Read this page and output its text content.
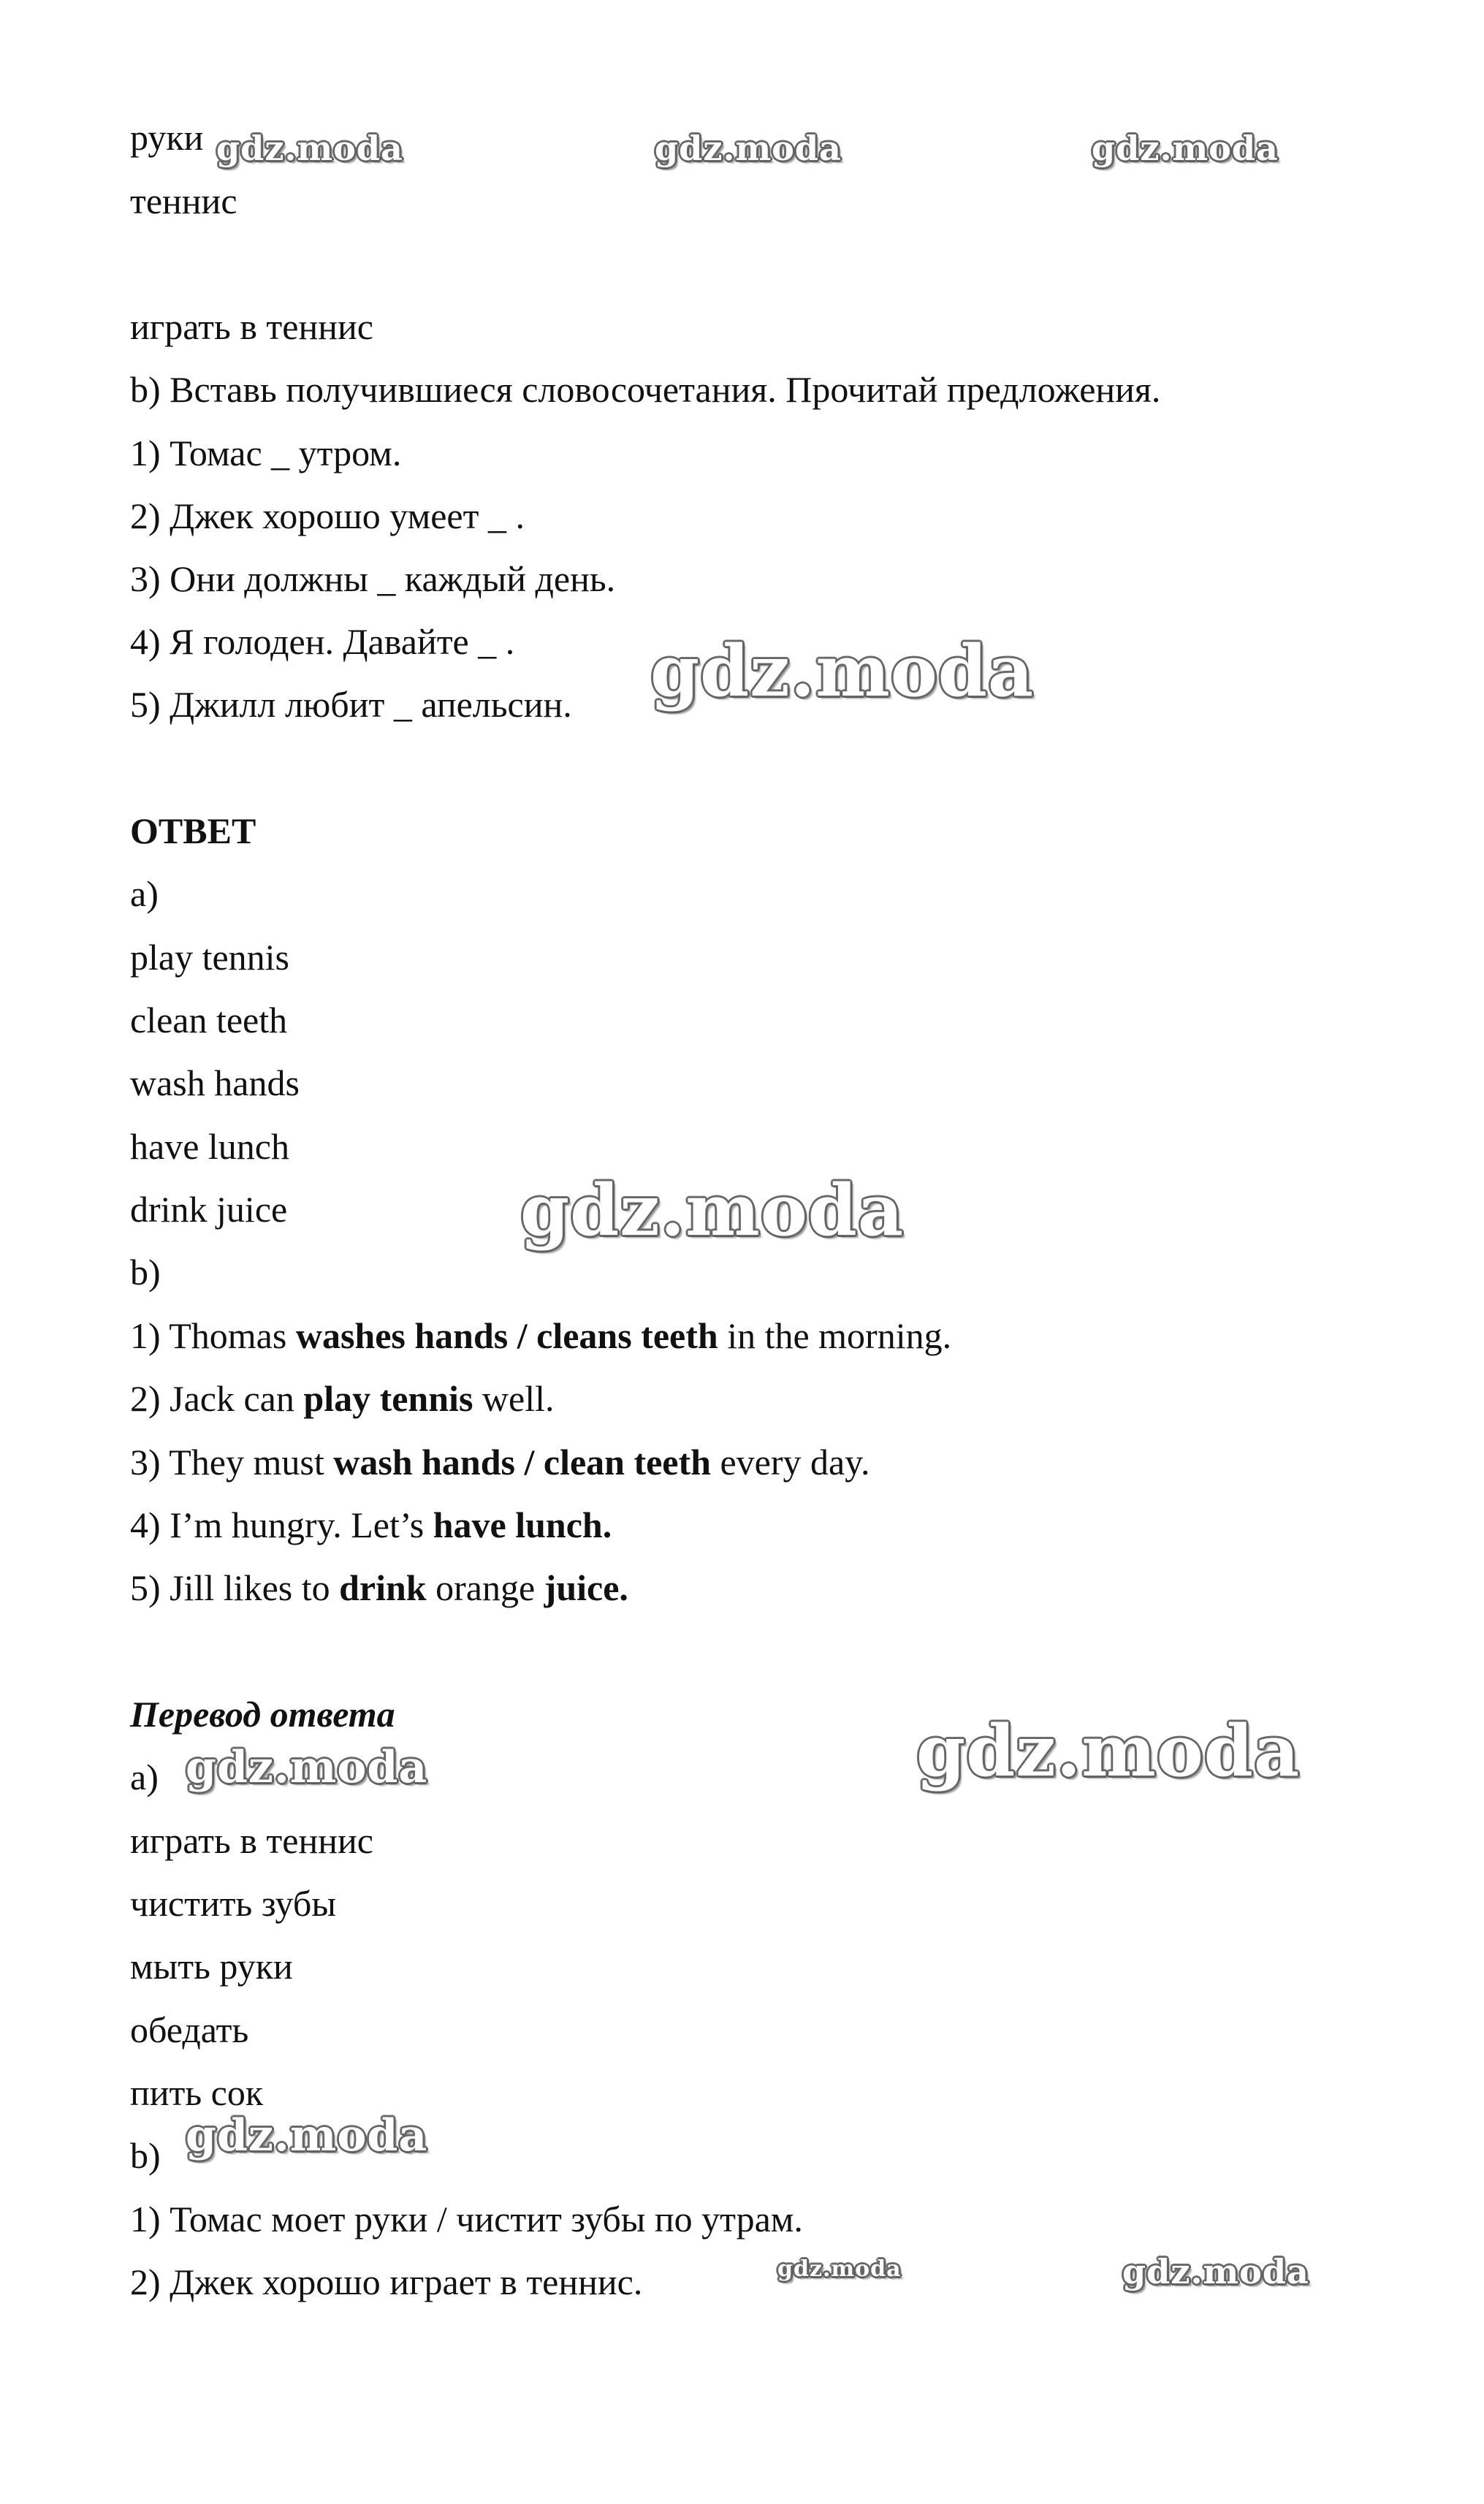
руки
теннис
играть в теннис
b) Вставь получившиеся словосочетания. Прочитай предложения.
1) Томас _ утром.
2) Джек хорошо умеет _ .
3) Они должны _ каждый день.
4) Я голоден. Давайте _ .
5) Джилл любит _ апельсин.
ОТВЕТ
a)
play tennis
clean teeth
wash hands
have lunch
drink juice
b)
1) Thomas washes hands / cleans teeth in the morning.
2) Jack can play tennis well.
3) They must wash hands / clean teeth every day.
4) I’m hungry. Let’s have lunch.
5) Jill likes to drink orange juice.
Перевод ответа
a)
играть в теннис
чистить зубы
мыть руки
обедать
пить сок
b)
1) Томас моет руки / чистит зубы по утрам.
2) Джек хорошо играет в теннис.
gdz.moda	gdz.moda	gdz.moda
gdz.moda
gdz.moda
gdz.moda
gdz.moda
gdz.moda
gdz.moda	gdz.moda
